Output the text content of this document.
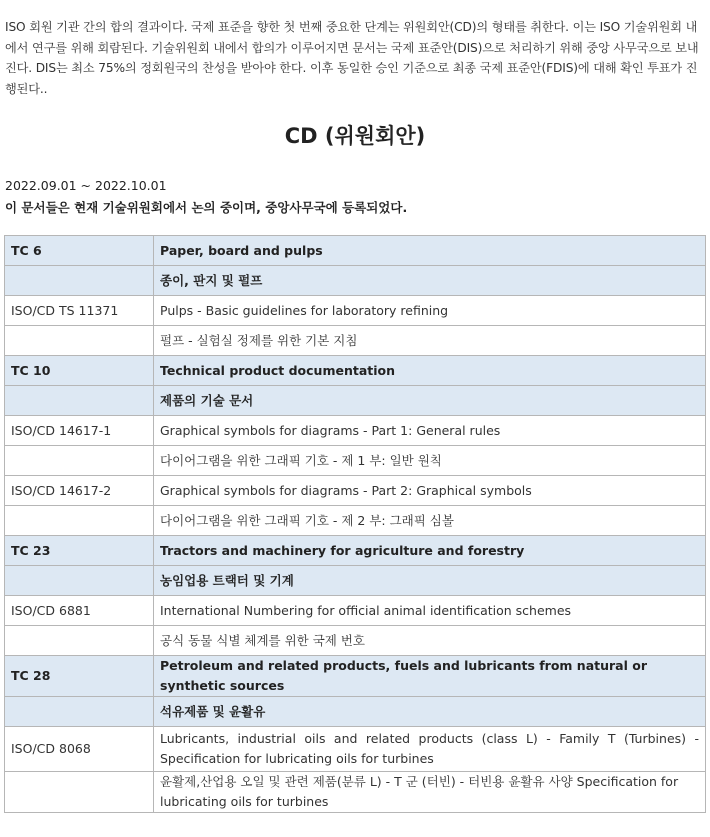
ISO 회원 기관 간의 합의 결과이다. 국제 표준을 향한 첫 번째 중요한 단계는 위원회안(CD)의 형태를 취한다. 이는 ISO 기술위원회 내에서 연구를 위해 회람된다. 기술위원회 내에서 합의가 이루어지면 문서는 국제 표준안(DIS)으로 처리하기 위해 중앙 사무국으로 보내진다. DIS는 최소 75%의 정회원국의 찬성을 받아야 한다. 이후 동일한 승인 기준으로 최종 국제 표준안(FDIS)에 대해 확인 투표가 진행된다..

CD (위원회안)
2022.09.01 ~ 2022.10.01
이 문서들은 현재 기술위원회에서 논의 중이며, 중앙사무국에 등록되었다.
TC 6	Paper, board and pulps
	종이, 판지 및 펄프
ISO/CD TS 11371	Pulps - Basic guidelines for laboratory refining
	펄프 - 실험실 정제를 위한 기본 지침
TC 10	Technical product documentation
	제품의 기술 문서
ISO/CD 14617-1	Graphical symbols for diagrams - Part 1: General rules
	다이어그램을 위한 그래픽 기호 - 제 1 부: 일반 원칙
ISO/CD 14617-2	Graphical symbols for diagrams - Part 2: Graphical symbols
	다이어그램을 위한 그래픽 기호 - 제 2 부: 그래픽 심볼
TC 23	Tractors and machinery for agriculture and forestry
	농임업용 트랙터 및 기계
ISO/CD 6881	International Numbering for official animal identification schemes
	공식 동물 식별 체계를 위한 국제 번호
TC 28	Petroleum and related products, fuels and lubricants from natural or synthetic sources
	석유제품 및 윤활유
ISO/CD 8068	Lubricants, industrial oils and related products (class L) - Family T (Turbines) - Specification for lubricating oils for turbines
	윤활제,산업용 오일 및 관련 제품(분류 L) - T 군 (터빈) - 터빈용 윤활유 사양 Specification for lubricating oils for turbines
